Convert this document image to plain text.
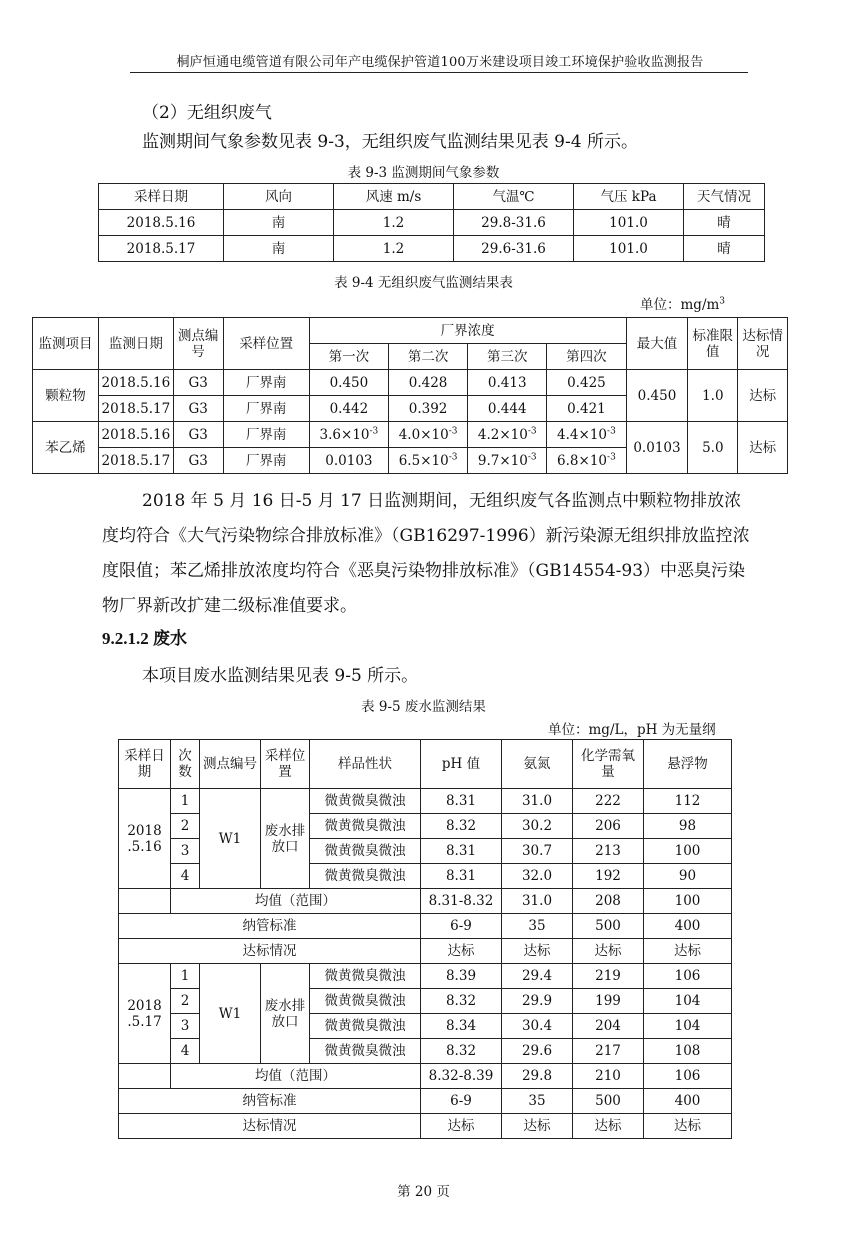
桐庐恒通电缆管道有限公司年产电缆保护管道100万米建设项目竣工环境保护验收监测报告
（2）无组织废气
监测期间气象参数见表 9-3，无组织废气监测结果见表 9-4 所示。
表 9-3 监测期间气象参数
采样日期	风向	风速 m/s	气温℃	气压 kPa	天气情况
2018.5.16	南	1.2	29.8-31.6	101.0	晴
2018.5.17	南	1.2	29.6-31.6	101.0	晴
表 9-4 无组织废气监测结果表
单位：$mg/m^3$
监测项目	监测日期	测点编号	采样位置	厂界浓度				最大值	标准限值	达标情况
				第一次	第二次	第三次	第四次			
颗粒物	2018.5.16	G3	厂界南	0.450	0.428	0.413	0.425	0.450	1.0	达标
	2018.5.17	G3	厂界南	0.442	0.392	0.444	0.421			
苯乙烯	2018.5.16	G3	厂界南	$3.6\times 10^{-3}$	$4.0\times 10^{-3}$	$4.2\times 10^{-3}$	$4.4\times 10^{-3}$	0.0103	5.0	达标
	2018.5.17	G3	厂界南	0.0103	$6.5\times 10^{-3}$	$9.7\times 10^{-3}$	$6.8\times 10^{-3}$
2018 年 5 月 16 日-5 月 17 日监测期间，无组织废气各监测点中颗粒物排放浓度均符合《大气污染物综合排放标准》（GB16297-1996）新污染源无组织排放监控浓度限值；苯乙烯排放浓度均符合《恶臭污染物排放标准》（GB14554-93）中恶臭污染物厂界新改扩建二级标准值要求。
9.2.1.2 废水
本项目废水监测结果见表 9-5 所示。
表 9-5 废水监测结果
单位：mg/L，pH 为无量纲
采样日期	次数	测点编号	采样位置	样品性状	pH 值	氨氮	化学需氧量	悬浮物
2018 .5.16	1	W1	废水排放口	微黄微臭微浊	8.31	31.0	222	112
	2			微黄微臭微浊	8.32	30.2	206	98
	3			微黄微臭微浊	8.31	30.7	213	100
	4			微黄微臭微浊	8.31	32.0	192	90
	均值（范围）				8.31-8.32	31.0	208	100
纳管标准					6-9	35	500	400
达标情况					达标	达标	达标	达标
2018 .5.17	1	W1	废水排放口	微黄微臭微浊	8.39	29.4	219	106
	2			微黄微臭微浊	8.32	29.9	199	104
	3			微黄微臭微浊	8.34	30.4	204	104
	4			微黄微臭微浊	8.32	29.6	217	108
	均值（范围）				8.32-8.39	29.8	210	106
纳管标准					6-9	35	500	400
达标情况					达标	达标	达标	达标
第 20 页
